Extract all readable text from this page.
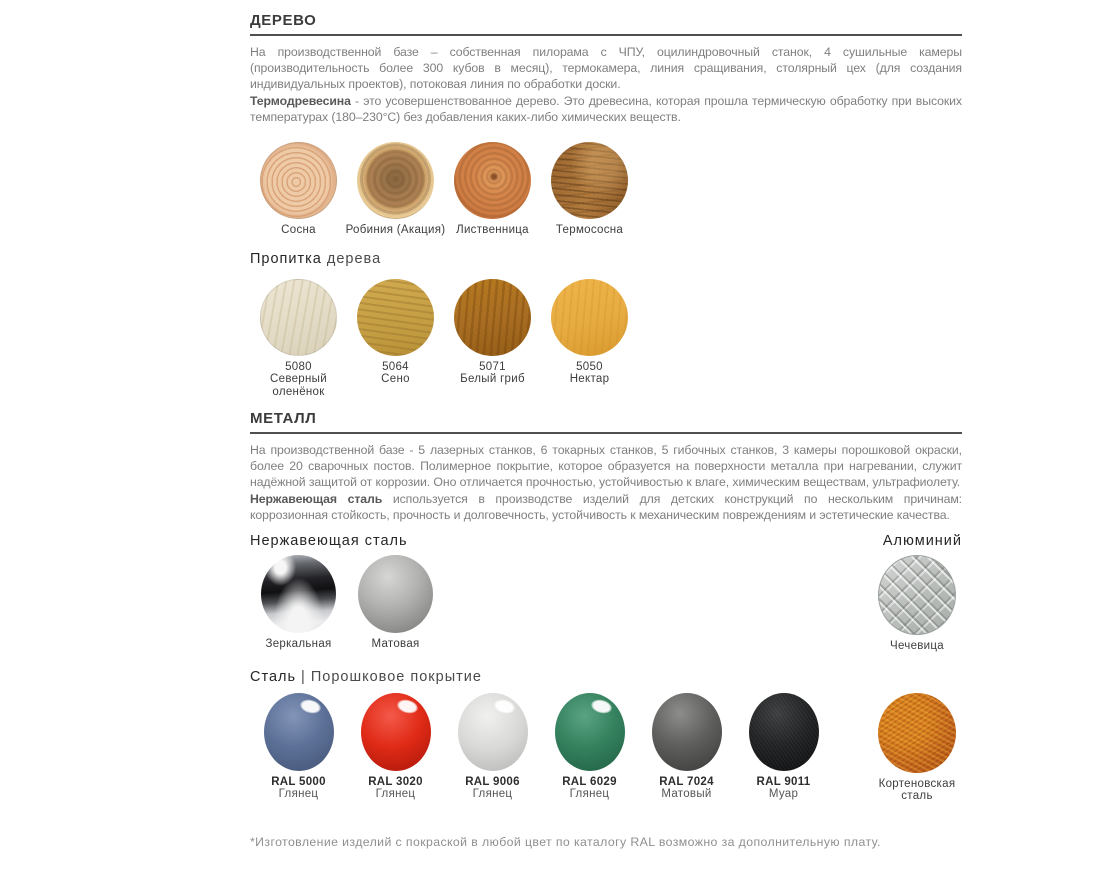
ДЕРЕВО

На производственной базе – собственная пилорама с ЧПУ, оцилиндровочный станок, 4 сушильные камеры (производительность более 300 кубов в месяц), термокамера, линия сращивания, столярный цех (для создания индивидуальных проектов), потоковая линия по обработки доски.

Термодревесина - это усовершенствованное дерево. Это древесина, которая прошла термическую обработку при высоких температурах (180–230°С) без добавления каких-либо химических веществ.

Сосна	Робиния (Акация) Лиственница Термососна
Пропитка дерева
5080
Северный оленёнок
5064
Сено
5071
Белый гриб
5050
Нектар
МЕТАЛЛ

На производственной базе - 5 лазерных станков, 6 токарных станков, 5 гибочных станков, 3 камеры порошковой окраски, более 20 сварочных постов. Полимерное покрытие, которое образуется на поверхности металла при нагревании, служит надёжной защитой от коррозии. Оно отличается прочностью, устойчивостью к влаге, химическим веществам, ультрафиолету.

Нержавеющая сталь используется в производстве изделий для детских конструкций по нескольким причинам: коррозионная стойкость, прочность и долговечность, устойчивость к механическим повреждениям и эстетические качества.

Нержавеющая сталь	Алюминий
Зеркальная	Матовая	Чечевица
Сталь | Порошковое покрытие
RAL 5000
Глянец
RAL 3020
Глянец
RAL 9006
Глянец
RAL 6029
Глянец
RAL 7024
Матовый
RAL 9011
Муар
Кортеновская сталь

*Изготовление изделий с покраской в любой цвет по каталогу RAL возможно за дополнительную плату.
